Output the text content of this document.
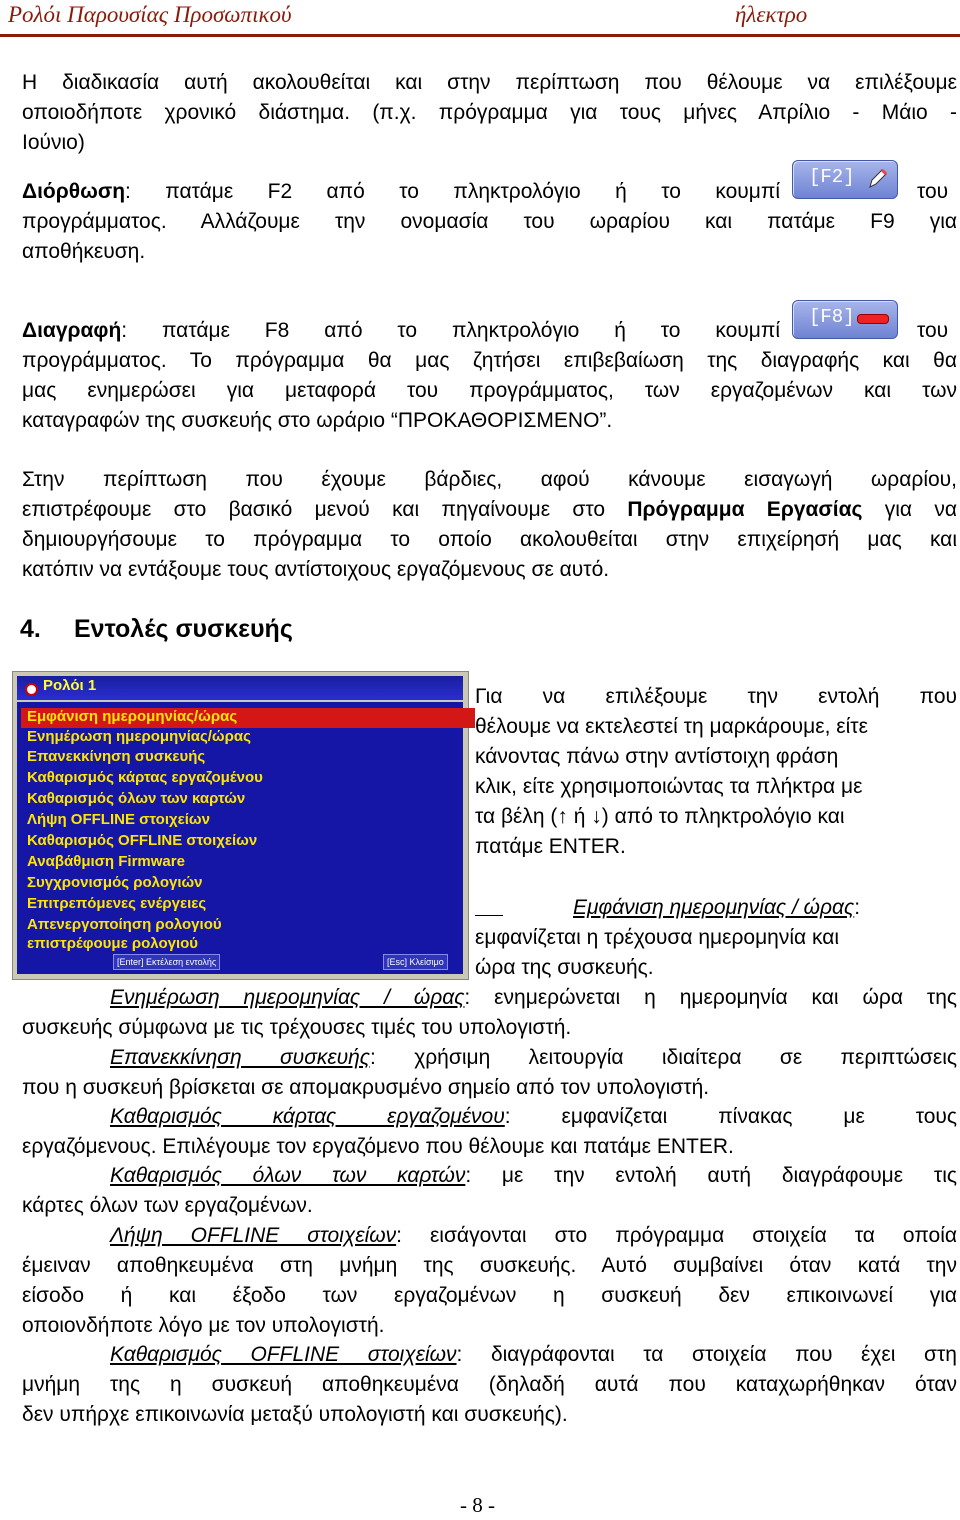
Ρολόι Παρουσίας Προσωπικού	ήλεκτρο
Η διαδικασία αυτή ακολουθείται και στην περίπτωση που θέλουμε να επιλέξουμε
οποιοδήποτε χρονικό διάστημα. (π.χ. πρόγραμμα για τους μήνες Απρίλιο - Μάιο -
Ιούνιο)
Διόρθωση: πατάμε F2 από το πληκτρολόγιο ή το κουμπί
[F2]
του
προγράμματος. Αλλάζουμε την ονομασία του ωραρίου και πατάμε F9 για
αποθήκευση.
Διαγραφή: πατάμε F8 από το πληκτρολόγιο ή το κουμπί
[F8]
του
προγράμματος. Το πρόγραμμα θα μας ζητήσει επιβεβαίωση της διαγραφής και θα
μας ενημερώσει για μεταφορά του προγράμματος, των εργαζομένων και των
καταγραφών της συσκευής στο ωράριο “ΠΡΟΚΑΘΟΡΙΣΜΕΝΟ”.
Στην περίπτωση που έχουμε βάρδιες, αφού κάνουμε εισαγωγή ωραρίου,
επιστρέφουμε στο βασικό μενού και πηγαίνουμε στο Πρόγραμμα Εργασίας για να
δημιουργήσουμε το πρόγραμμα το οποίο ακολουθείται στην επιχείρησή μας και
κατόπιν να εντάξουμε τους αντίστοιχους εργαζόμενους σε αυτό.
4. Εντολές συσκευής
Ρολόι 1
Εμφάνιση ημερομηνίας/ώρας
Ενημέρωση ημερομηνίας/ώρας
Επανεκκίνηση συσκευής
Καθαρισμός κάρτας εργαζομένου
Καθαρισμός όλων των καρτών
Λήψη OFFLINE στοιχείων
Καθαρισμός OFFLINE στοιχείων
Αναβάθμιση Firmware
Συγχρονισμός ρολογιών
Επιτρεπόμενες ενέργειες
Απενεργοποίηση ρολογιού
επιστρέφουμε ρολογιού
[Enter] Εκτέλεση εντολής	[Esc] Κλείσιμο
Για να επιλέξουμε την εντολή που
θέλουμε να εκτελεστεί τη μαρκάρουμε, είτε
κάνοντας πάνω στην αντίστοιχη φράση
κλικ, είτε χρησιμοποιώντας τα πλήκτρα με
τα βέλη (↑ ή ↓) από το πληκτρολόγιο και
πατάμε ENTER.
Εμφάνιση ημερομηνίας / ώρας:
εμφανίζεται η τρέχουσα ημερομηνία και
ώρα της συσκευής.
Ενημέρωση ημερομηνίας / ώρας: ενημερώνεται η ημερομηνία και ώρα της
συσκευής σύμφωνα με τις τρέχουσες τιμές του υπολογιστή.
Επανεκκίνηση συσκευής: χρήσιμη λειτουργία ιδιαίτερα σε περιπτώσεις
που η συσκευή βρίσκεται σε απομακρυσμένο σημείο από τον υπολογιστή.
Καθαρισμός κάρτας εργαζομένου: εμφανίζεται πίνακας με τους
εργαζόμενους. Επιλέγουμε τον εργαζόμενο που θέλουμε και πατάμε ENTER.
Καθαρισμός όλων των καρτών: με την εντολή αυτή διαγράφουμε τις
κάρτες όλων των εργαζομένων.
Λήψη OFFLINE στοιχείων: εισάγονται στο πρόγραμμα στοιχεία τα οποία
έμειναν αποθηκευμένα στη μνήμη της συσκευής. Αυτό συμβαίνει όταν κατά την
είσοδο ή και έξοδο των εργαζομένων η συσκευή δεν επικοινωνεί για
οποιονδήποτε λόγο με τον υπολογιστή.
Καθαρισμός OFFLINE στοιχείων: διαγράφονται τα στοιχεία που έχει στη
μνήμη της η συσκευή αποθηκευμένα (δηλαδή αυτά που καταχωρήθηκαν όταν
δεν υπήρχε επικοινωνία μεταξύ υπολογιστή και συσκευής).
- 8 -
